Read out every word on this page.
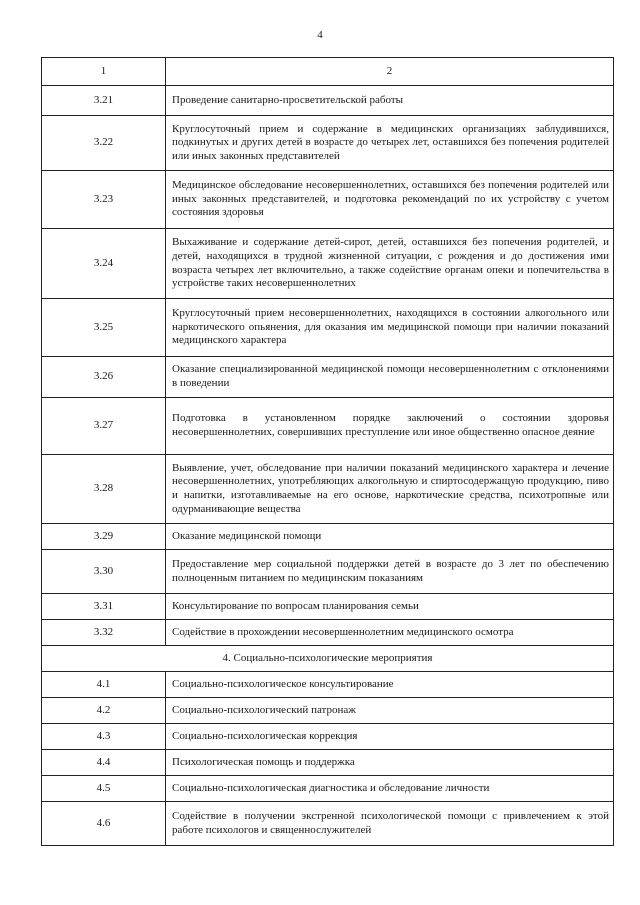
4
1	2
3.21	Проведение санитарно-просветительской работы
3.22	Круглосуточный прием и содержание в медицинских организациях заблудившихся, подкинутых и других детей в возрасте до четырех лет, оставшихся без попечения родителей или иных законных представителей
3.23	Медицинское обследование несовершеннолетних, оставшихся без попечения родителей или иных законных представителей, и подготовка рекомендаций по их устройству с учетом состояния здоровья
3.24	Выхаживание и содержание детей-сирот, детей, оставшихся без попечения родителей, и детей, находящихся в трудной жизненной ситуации, с рождения и до достижения ими возраста четырех лет включительно, а также содействие органам опеки и попечительства в устройстве таких несовершеннолетних
3.25	Круглосуточный прием несовершеннолетних, находящихся в состоянии алкогольного или наркотического опьянения, для оказания им медицинской помощи при наличии показаний медицинского характера
3.26	Оказание специализированной медицинской помощи несовершеннолетним с отклонениями в поведении
3.27	Подготовка в установленном порядке заключений о состоянии здоровья несовершеннолетних, совершивших преступление или иное общественно опасное деяние
3.28	Выявление, учет, обследование при наличии показаний медицинского характера и лечение несовершеннолетних, употребляющих алкогольную и спиртосодержащую продукцию, пиво и напитки, изготавливаемые на его основе, наркотические средства, психотропные или одурманивающие вещества
3.29	Оказание медицинской помощи
3.30	Предоставление мер социальной поддержки детей в возрасте до 3 лет по обеспечению полноценным питанием по медицинским показаниям
3.31	Консультирование по вопросам планирования семьи
3.32	Содействие в прохождении несовершеннолетним медицинского осмотра
4. Социально-психологические мероприятия	
4.1	Социально-психологическое консультирование
4.2	Социально-психологический патронаж
4.3	Социально-психологическая коррекция
4.4	Психологическая помощь и поддержка
4.5	Социально-психологическая диагностика и обследование личности
4.6	Содействие в получении экстренной психологической помощи с привлечением к этой работе психологов и священнослужителей
